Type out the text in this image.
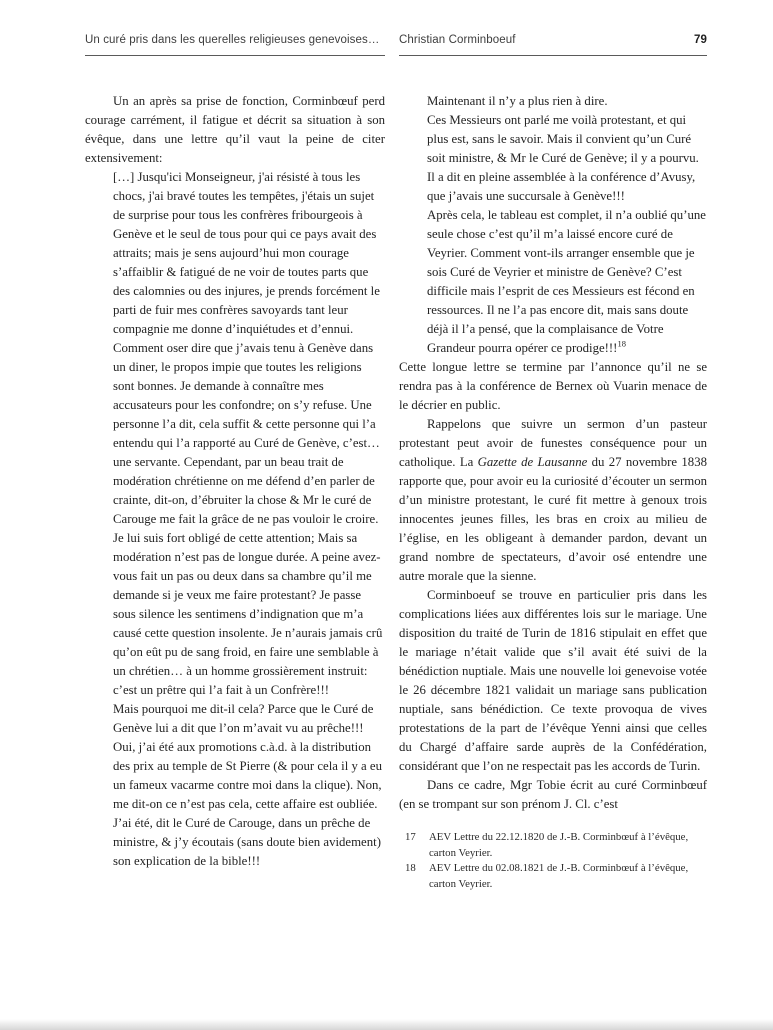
Un curé pris dans les querelles religieuses genevoises…	Christian Corminboeuf	79

Un an après sa prise de fonction, Corminbœuf perd courage carrément, il fatigue et décrit sa situation à son évêque, dans une lettre qu’il vaut la peine de citer extensivement:

[…] Jusqu'ici Monseigneur, j'ai résisté à tous les chocs, j'ai bravé toutes les tempêtes, j'étais un sujet de surprise pour tous les confrères fribourgeois à Genève et le seul de tous pour qui ce pays avait des attraits; mais je sens aujourd’hui mon courage s’affaiblir & fatigué de ne voir de toutes parts que des calomnies ou des injures, je prends forcément le parti de fuir mes confrères savoyards tant leur compagnie me donne d’inquiétudes et d’ennui.

Comment oser dire que j’avais tenu à Genève dans un diner, le propos impie que toutes les religions sont bonnes. Je demande à connaître mes accusateurs pour les confondre; on s’y refuse. Une personne l’a dit, cela suffit & cette personne qui l’a entendu qui l’a rapporté au Curé de Genève, c’est… une servante. Cependant, par un beau trait de modération chrétienne on me défend d’en parler de crainte, dit-on, d’ébruiter la chose & Mr le curé de Carouge me fait la grâce de ne pas vouloir le croire. Je lui suis fort obligé de cette attention; Mais sa modération n’est pas de longue durée. A peine avez-vous fait un pas ou deux dans sa chambre qu’il me demande si je veux me faire protestant? Je passe sous silence les sentimens d’indignation que m’a causé cette question insolente. Je n’aurais jamais crû qu’on eût pu de sang froid, en faire une semblable à un chrétien… à un homme grossièrement instruit: c’est un prêtre qui l’a fait à un Confrère!!!

Mais pourquoi me dit-il cela? Parce que le Curé de Genève lui a dit que l’on m’avait vu au prêche!!! Oui, j’ai été aux promotions c.à.d. à la distribution des prix au temple de St Pierre (& pour cela il y a eu un fameux vacarme contre moi dans la clique). Non, me dit-on ce n’est pas cela, cette affaire est oubliée. J’ai été, dit le Curé de Carouge, dans un prêche de ministre, & j’y écoutais (sans doute bien avidement) son explication de la bible!!!

Maintenant il n’y a plus rien à dire.

Ces Messieurs ont parlé me voilà protestant, et qui plus est, sans le savoir. Mais il convient qu’un Curé soit ministre, & Mr le Curé de Genève; il y a pourvu. Il a dit en pleine assemblée à la conférence d’Avusy, que j’avais une succursale à Genève!!!

Après cela, le tableau est complet, il n’a oublié qu’une seule chose c’est qu’il m’a laissé encore curé de Veyrier. Comment vont-ils arranger ensemble que je sois Curé de Veyrier et ministre de Genève? C’est difficile mais l’esprit de ces Messieurs est fécond en ressources. Il ne l’a pas encore dit, mais sans doute déjà il l’a pensé, que la complaisance de Votre Grandeur pourra opérer ce prodige!!!$^{18}$

Cette longue lettre se termine par l’annonce qu’il ne se rendra pas à la conférence de Bernex où Vuarin menace de le décrier en public.

Rappelons que suivre un sermon d’un pasteur protestant peut avoir de funestes conséquence pour un catholique. La Gazette de Lausanne du 27 novembre 1838 rapporte que, pour avoir eu la curiosité d’écouter un sermon d’un ministre protestant, le curé fit mettre à genoux trois innocentes jeunes filles, les bras en croix au milieu de l’église, en les obligeant à demander pardon, devant un grand nombre de spectateurs, d’avoir osé entendre une autre morale que la sienne.

Corminboeuf se trouve en particulier pris dans les complications liées aux différentes lois sur le mariage. Une disposition du traité de Turin de 1816 stipulait en effet que le mariage n’était valide que s’il avait été suivi de la bénédiction nuptiale. Mais une nouvelle loi genevoise votée le 26 décembre 1821 validait un mariage sans publication nuptiale, sans bénédiction. Ce texte provoqua de vives protestations de la part de l’évêque Yenni ainsi que celles du Chargé d’affaire sarde auprès de la Confédération, considérant que l’on ne respectait pas les accords de Turin.

Dans ce cadre, Mgr Tobie écrit au curé Corminbœuf (en se trompant sur son prénom J. Cl. c’est

17	AEV Lettre du 22.12.1820 de J.-B. Corminbœuf à l’évêque, carton Veyrier.
18	AEV Lettre du 02.08.1821 de J.-B. Corminbœuf à l’évêque, carton Veyrier.
